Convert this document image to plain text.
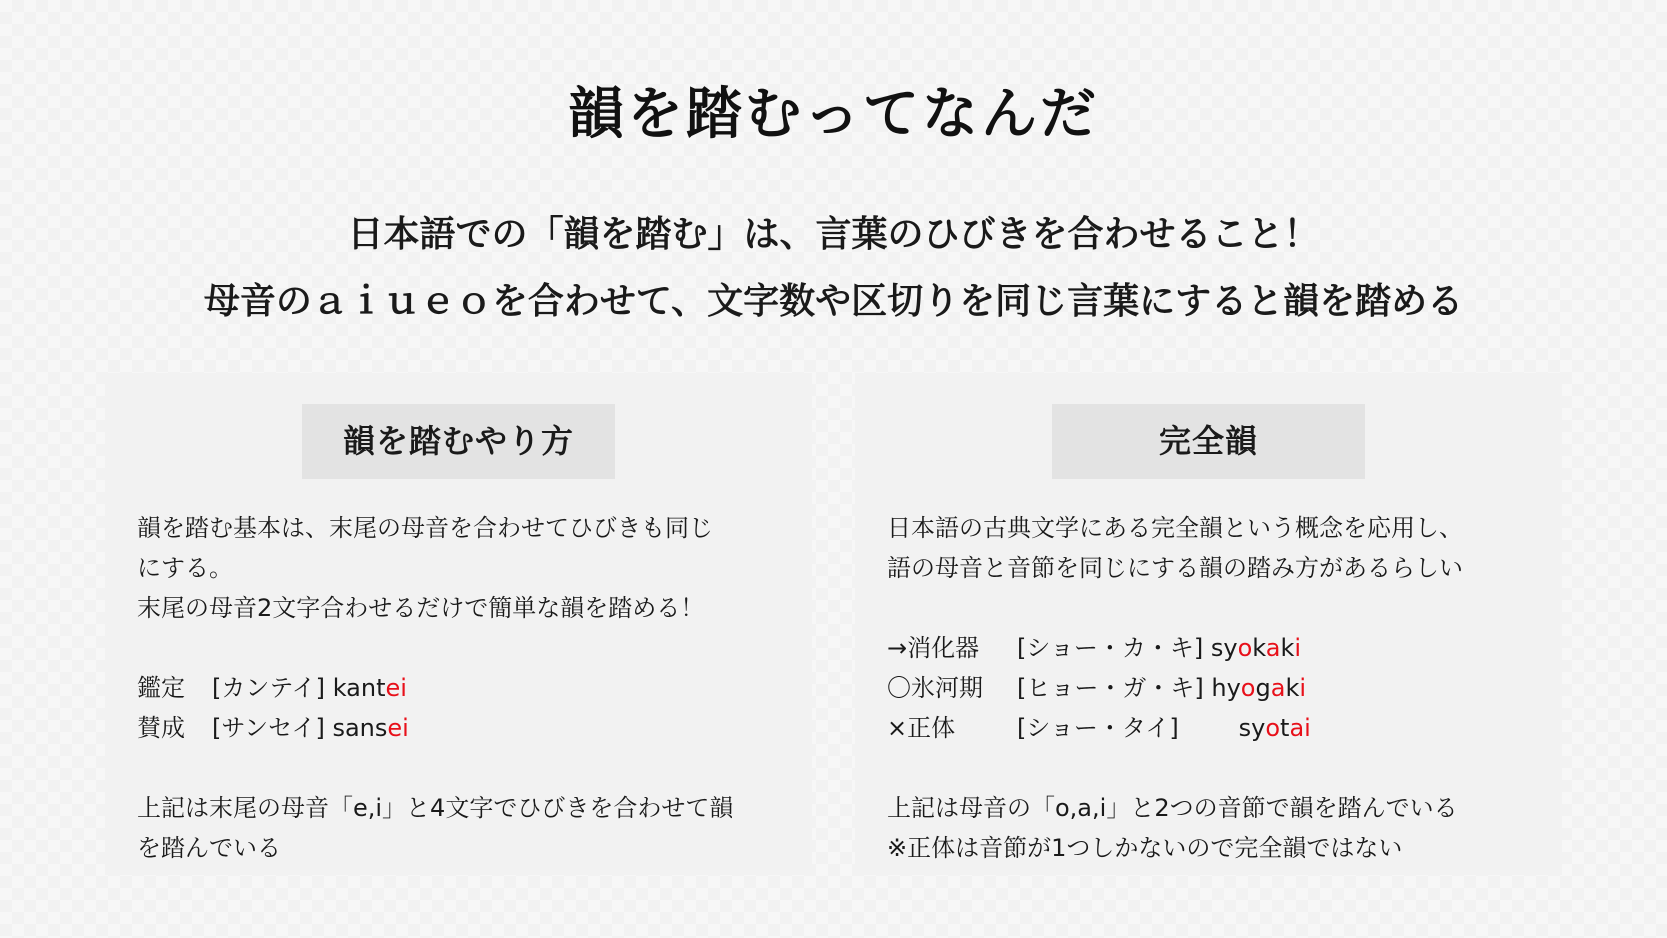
韻を踏むってなんだ

日本語での「韻を踏む」は、言葉のひびきを合わせること！

母音のａｉｕｅｏを合わせて、文字数や区切りを同じ言葉にすると韻を踏める

韻を踏むやり方
韻を踏む基本は、末尾の母音を合わせてひびきも同じ
にする。
末尾の母音2文字合わせるだけで簡単な韻を踏める！
鑑定 [カンテイ] kantei
賛成 [サンセイ] sansei
上記は末尾の母音「e,i」と4文字でひびきを合わせて韻
を踏んでいる
完全韻
日本語の古典文学にある完全韻という概念を応用し、
語の母音と音節を同じにする韻の踏み方があるらしい
→消化器 [ショー・カ・キ] syokaki
〇氷河期 [ヒョー・ガ・キ] hyogaki
×正体	[ショー・タイ] syotai
上記は母音の「o,a,i」と2つの音節で韻を踏んでいる
※正体は音節が1つしかないので完全韻ではない
